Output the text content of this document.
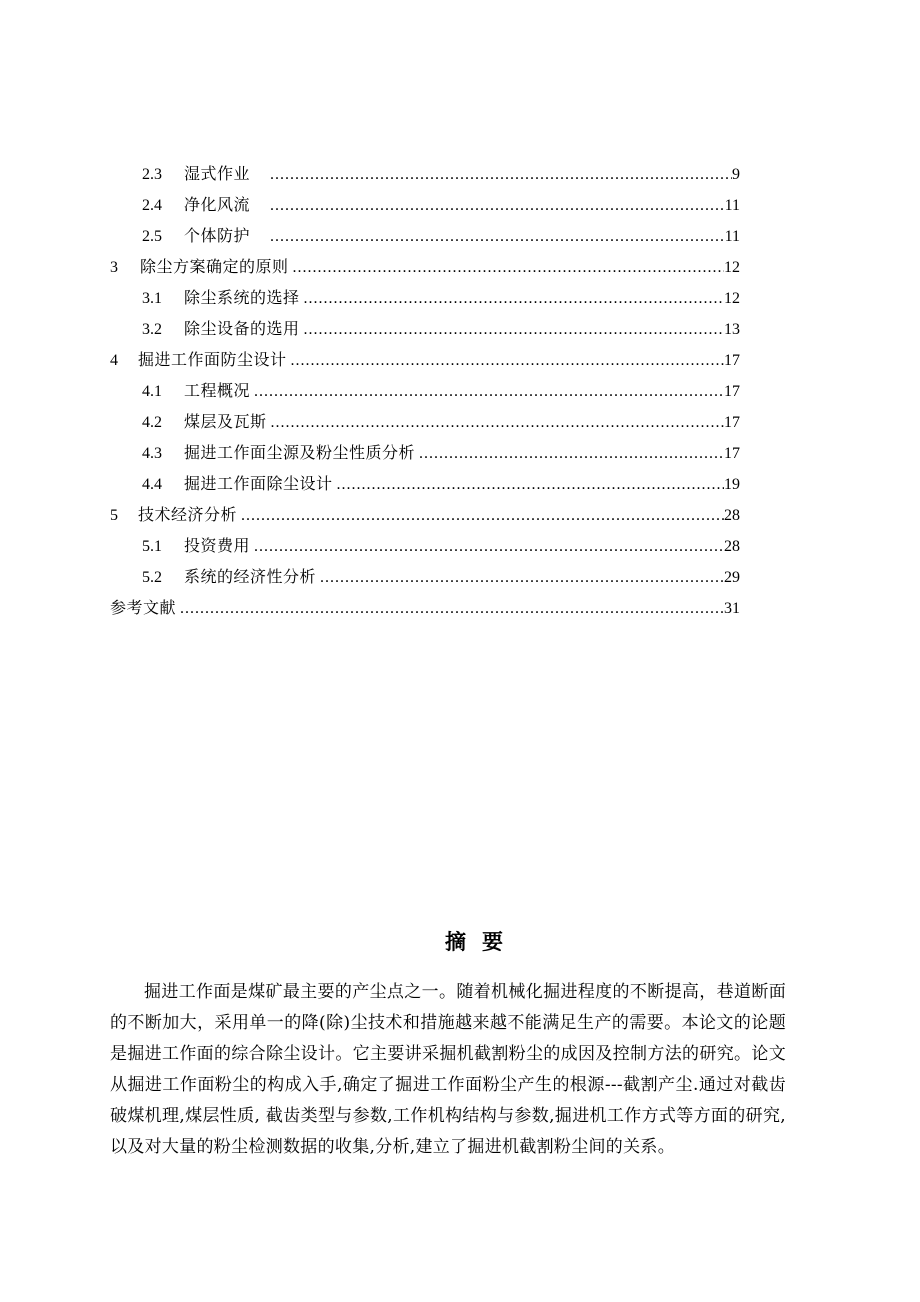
2.3	湿式作业 .....	9
2.4	净化风流 .....	11
2.5	个体防护 .....	11
3	除尘方案确定的原则 .....	12
3.1	除尘系统的选择 .....	12
3.2	除尘设备的选用 .....	13
4	掘进工作面防尘设计 .....	17
4.1	工程概况 .....	17
4.2	煤层及瓦斯 .....	17
4.3	掘进工作面尘源及粉尘性质分析 .....	17
4.4	掘进工作面除尘设计 .....	19
5	技术经济分析 .....	28
5.1	投资费用 .....	28
5.2	系统的经济性分析 .....	29
参考文献 .....	31
摘要

掘进工作面是煤矿最主要的产尘点之一。随着机械化掘进程度的不断提高，巷道断面的不断加大，采用单一的降(除)尘技术和措施越来越不能满足生产的需要。本论文的论题是掘进工作面的综合除尘设计。它主要讲采掘机截割粉尘的成因及控制方法的研究。论文从掘进工作面粉尘的构成入手,确定了掘进工作面粉尘产生的根源---截割产尘.通过对截齿破煤机理,煤层性质, 截齿类型与参数,工作机构结构与参数,掘进机工作方式等方面的研究,以及对大量的粉尘检测数据的收集,分析,建立了掘进机截割粉尘间的关系。
